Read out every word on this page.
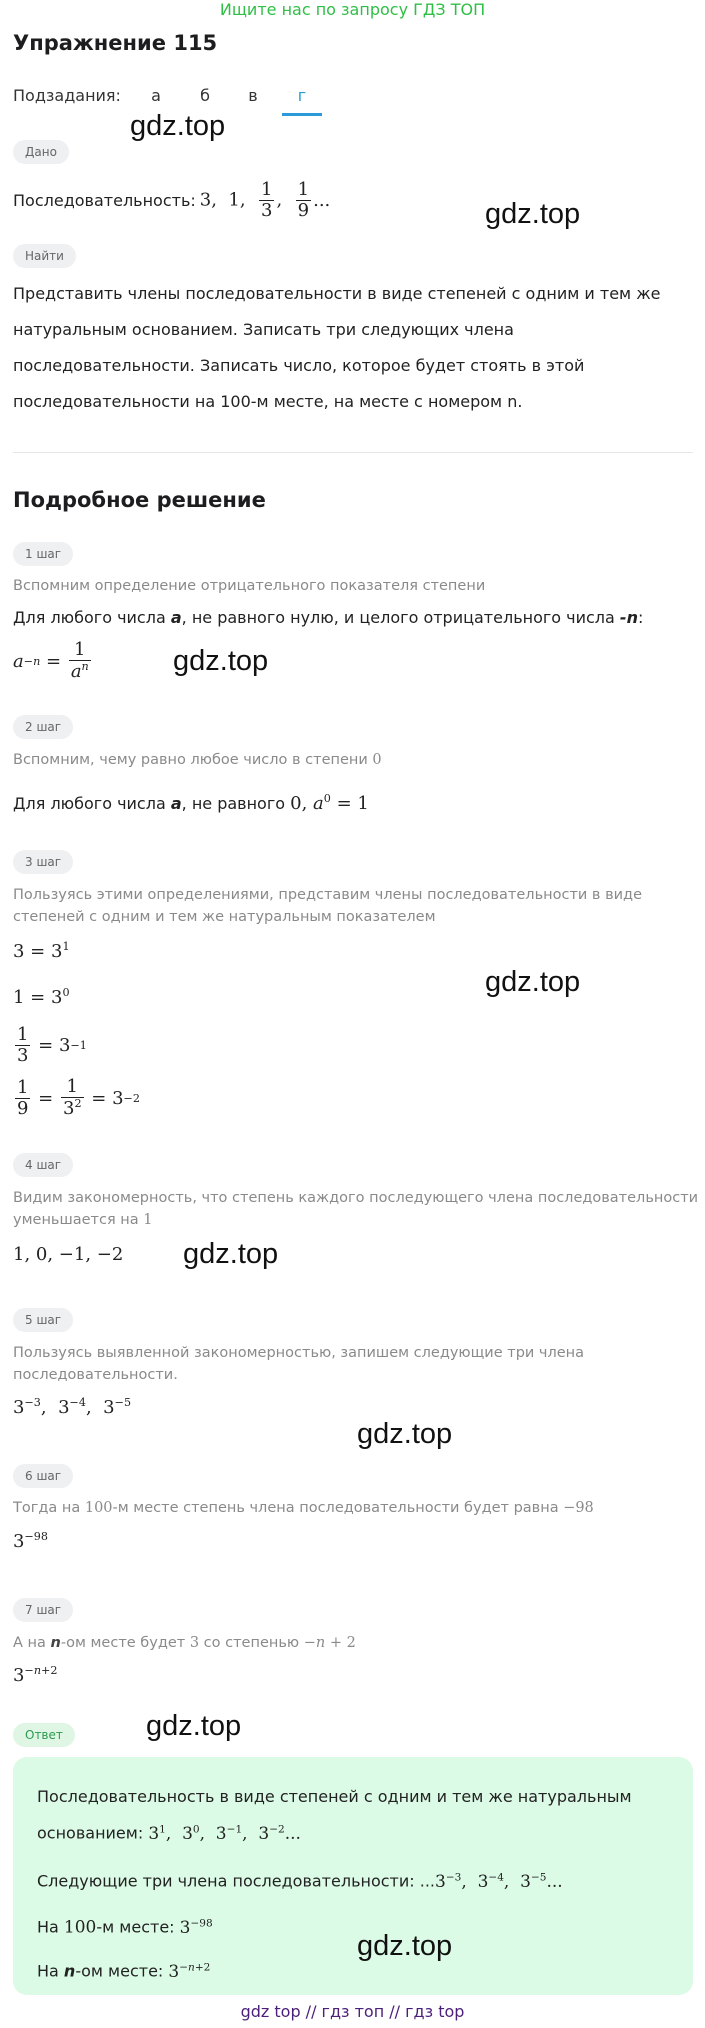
Ищите нас по запросу ГДЗ ТОП
Упражнение 115
Подзадания:	а	б	в	г
Дано
Последовательность: 3,  1, $\frac{1}{3}$ , $\frac{1}{9}$ ...
Найти
Представить члены последовательности в виде степеней с одним и тем же
натуральным основанием. Записать три следующих члена
последовательности. Записать число, которое будет стоять в этой
последовательности на 100-м месте, на месте с номером n.
Подробное решение
1 шаг
Вспомним определение отрицательного показателя степени
Для любого числа a, не равного нулю, и целого отрицательного числа -n:
$a -n = \frac{1}{a^n}$
2 шаг
Вспомним, чему равно любое число в степени 0
Для любого числа a, не равного 0, $a^0 = 1$
3 шаг
Пользуясь этими определениями, представим члены последовательности в виде
степеней с одним и тем же натуральным показателем
$3 = 3^1$
$1 = 3^0$
$\frac{1}{3} = 3 -1$
$\frac{1}{9} = \frac{1}{3^2} = 3 -2$
4 шаг
Видим закономерность, что степень каждого последующего члена последовательности
уменьшается на 1
1, 0, −1, −2
5 шаг
Пользуясь выявленной закономерностью, запишем следующие три члена
последовательности.
$3^{-3}$,  $3^{-4}$,  $3^{-5}$
6 шаг
Тогда на 100-м месте степень члена последовательности будет равна −98
$3^{-98}$
7 шаг
А на n-ом месте будет 3 со степенью −n + 2
$3^{-n+2}$
Ответ
Последовательность в виде степеней с одним и тем же натуральным
основанием: $3^1$,  $3^0$,  $3^{-1}$,  $3^{-2}$...
Следующие три члена последовательности: $...3^{-3}$,  $3^{-4}$,  $3^{-5}$...
На 100-м месте: $3^{-98}$
На n-ом месте: $3^{-n+2}$
gdz.top
gdz.top
gdz.top
gdz.top
gdz.top
gdz.top
gdz.top
gdz.top
gdz top // гдз топ // гдз top
